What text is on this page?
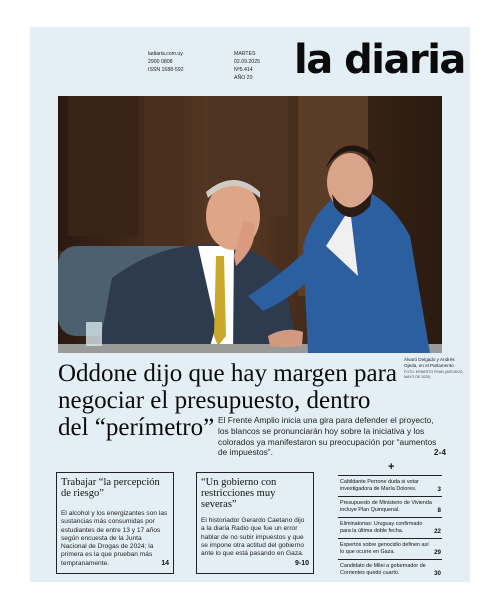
ladiaria.com.uy
2900 0808
ISSN 1688-592
MARTES
02.09.2025
Nº5.414
AÑO 20 la diaria
Álvaro Delgado y Andrés Ojeda, en el Parlamento.
FOTO: ERNESTO RYAN (ARCHIVO, MAYO DE 2025)
Oddone dijo que hay margen para negociar el presupuesto, dentro del “perímetro” El Frente Amplio inicia una gira para defender el proyecto, los blancos se pronunciarán hoy sobre la iniciativa y los colorados ya manifestaron su preocupación por “aumentos de impuestos”.	2-4
Trabajar “la percepción de riesgo”
El alcohol y los energizantes son las sustancias más consumidas por estudiantes de entre 13 y 17 años según encuesta de la Junta Nacional de Drogas de 2024; la primera es la que prueban más tempranamente.	14
“Un gobierno con restricciones muy severas”
El historiador Gerardo Caetano dijo a la diaria Radio que fue un error hablar de no subir impuestos y que se impone otra actitud del gobierno ante lo que está pasando en Gaza.
9-10
+
Cabildante Perrone duda si votar investigadora de María Dolores.	3
Presupuesto de Ministerio de Vivienda incluye Plan Quinquenal.	8
Eliminatorias: Uruguay confirmado para la última doble fecha.	22
Expertos sobre genocidio definen así lo que ocurre en Gaza.	29
Candidato de Milei a gobernador de Corrientes quedó cuarto.	30
